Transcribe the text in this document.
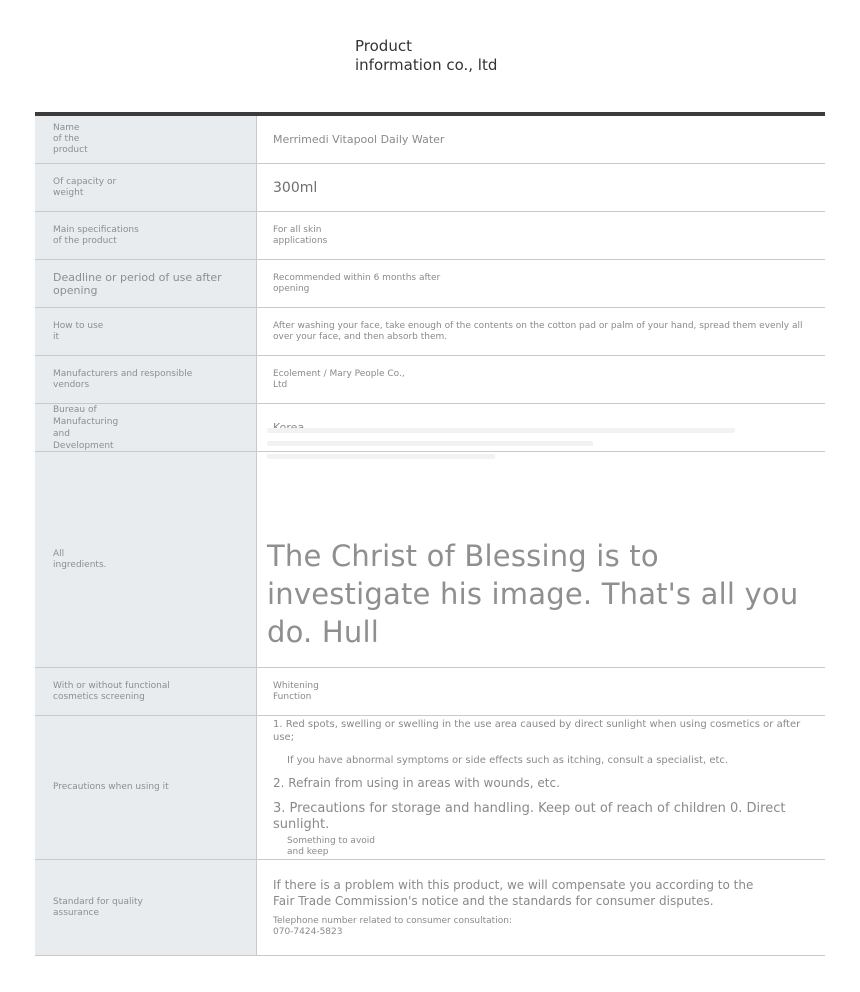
Product
information co., ltd
Name of the product
Merrimedi Vitapool Daily Water
Of capacity or weight	300ml
Main specifications of the product
For all skin applications
Deadline or period of use after opening
Recommended within 6 months after opening
How to use it
After washing your face, take enough of the contents on the cotton pad or palm of your hand, spread them evenly all over your face, and then absorb them.
Manufacturers and responsible vendors
Ecolement / Mary People Co., Ltd
Bureau of Manufacturing and Development
All ingredients.	The Christ of Blessing is to investigate his image. That's all you do. Hull
With or without functional cosmetics screening
Whitening Function
Precautions when using it

1. Red spots, swelling or swelling in the use area caused by direct sunlight when using cosmetics or after use;

If you have abnormal symptoms or side effects such as itching, consult a specialist, etc.

2. Refrain from using in areas with wounds, etc.

3. Precautions for storage and handling. Keep out of reach of children 0. Direct sunlight.

Something to avoid and keep

Standard for quality assurance
If there is a problem with this product, we will compensate you according to the
Fair Trade Commission's notice and the standards for consumer disputes.
Telephone number related to consumer consultation: 070-7424-5823
